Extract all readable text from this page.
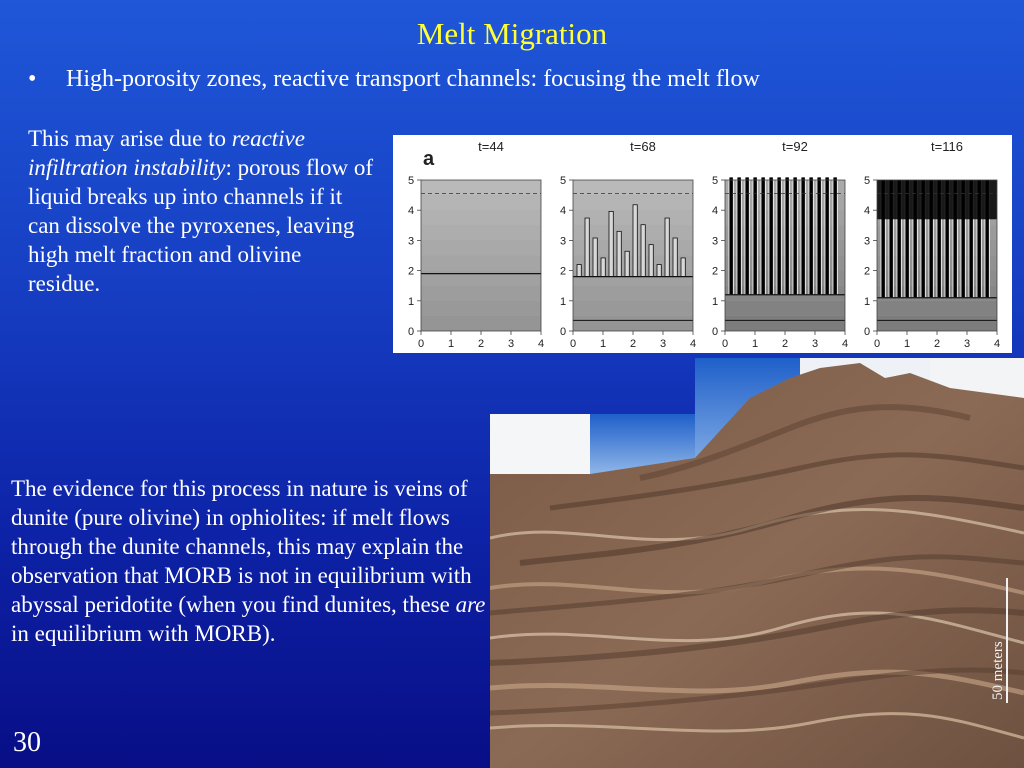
Melt Migration
•	High-porosity zones, reactive transport channels: focusing the melt flow
This may arise due to reactive infiltration instability: porous flow of liquid breaks up into channels if it can dissolve the pyroxenes, leaving high melt fraction and olivine residue.
The evidence for this process in nature is veins of dunite (pure olivine) in ophiolites: if melt flows through the dunite channels, this may explain the observation that MORB is not in equilibrium with abyssal peridotite (when you find dunites, these are in equilibrium with MORB).
30
a
t=44
0
1
2
3
4
5
0 1 2 3 4
t=68
0
1
2
3
4
5
0 1 2 3 4
t=92
0
1
2
3
4
5
0 1 2 3 4
t=116
0
1
2
3
4
5
0 1 2 3 4
50 meters
